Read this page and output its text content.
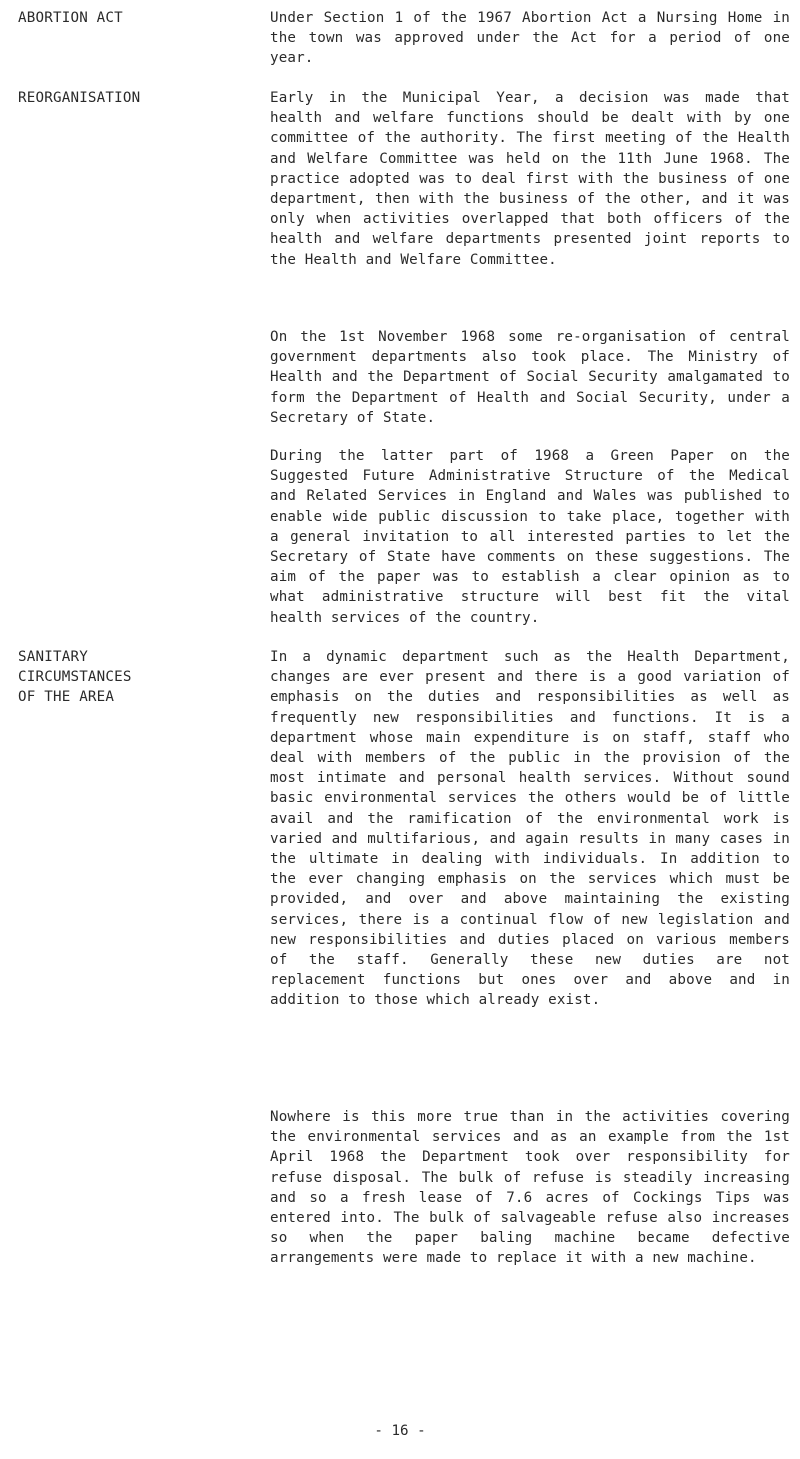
ABORTION ACT	Under Section 1 of the 1967 Abortion Act a Nursing Home in the town was approved under the Act for a period of one year.

REORGANISATION	Early in the Municipal Year, a decision was made that health and welfare functions should be dealt with by one committee of the authority. The first meeting of the Health and Welfare Committee was held on the 11th June 1968. The practice adopted was to deal first with the business of one department, then with the business of the other, and it was only when activities overlapped that both officers of the health and welfare departments presented joint reports to the Health and Welfare Committee.

On the 1st November 1968 some re-organisation of central government departments also took place. The Ministry of Health and the Department of Social Security amalgamated to form the Department of Health and Social Security, under a Secretary of State.

During the latter part of 1968 a Green Paper on the Suggested Future Administrative Structure of the Medical and Related Services in England and Wales was published to enable wide public discussion to take place, together with a general invitation to all interested parties to let the Secretary of State have comments on these suggestions. The aim of the paper was to establish a clear opinion as to what administrative structure will best fit the vital health services of the country.

SANITARY
CIRCUMSTANCES
OF THE AREA

In a dynamic department such as the Health Department, changes are ever present and there is a good variation of emphasis on the duties and responsibilities as well as frequently new responsibilities and functions. It is a department whose main expenditure is on staff, staff who deal with members of the public in the provision of the most intimate and personal health services. Without sound basic environmental services the others would be of little avail and the ramification of the environmental work is varied and multifarious, and again results in many cases in the ultimate in dealing with individuals. In addition to the ever changing emphasis on the services which must be provided, and over and above maintaining the existing services, there is a continual flow of new legislation and new responsibilities and duties placed on various members of the staff. Generally these new duties are not replacement functions but ones over and above and in addition to those which already exist.

Nowhere is this more true than in the activities covering the environmental services and as an example from the 1st April 1968 the Department took over responsibility for refuse disposal. The bulk of refuse is steadily increasing and so a fresh lease of 7.6 acres of Cockings Tips was entered into. The bulk of salvageable refuse also increases so when the paper baling machine became defective arrangements were made to replace it with a new machine.

- 16 -
